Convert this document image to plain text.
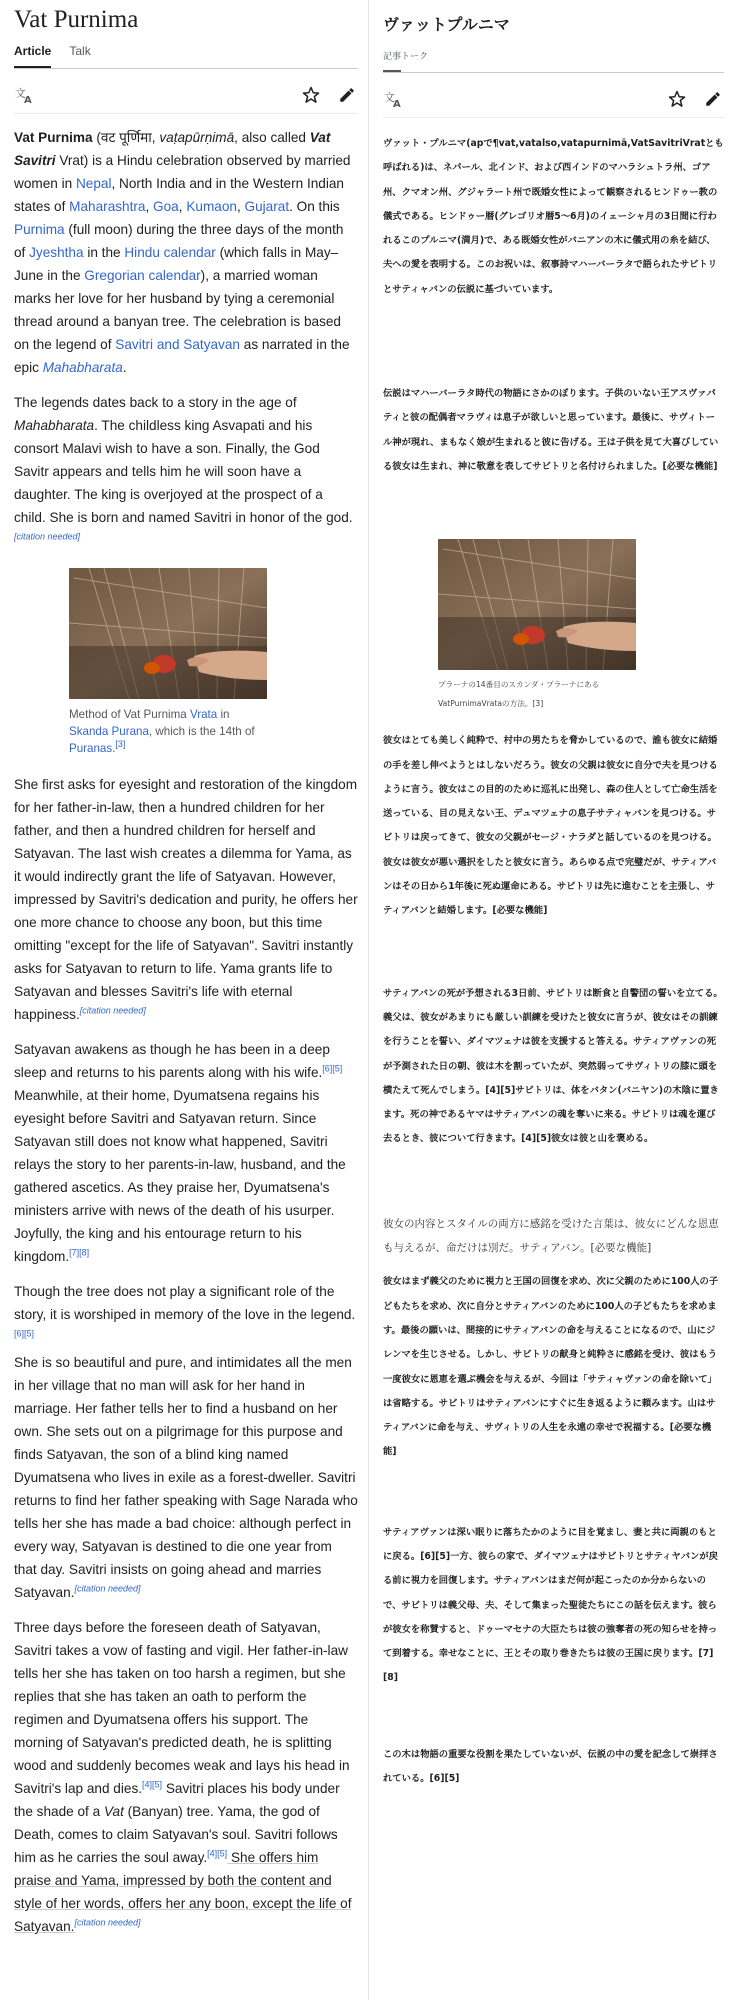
Vat Purnima
Article Talk
文
A

Vat Purnima (वट पूर्णिमा, vaṭapūrṇimā, also called Vat Savitri Vrat) is a Hindu celebration observed by married women in Nepal, North India and in the Western Indian states of Maharashtra, Goa, Kumaon, Gujarat. On this Purnima (full moon) during the three days of the month of Jyeshtha in the Hindu calendar (which falls in May–June in the Gregorian calendar), a married woman marks her love for her husband by tying a ceremonial thread around a banyan tree. The celebration is based on the legend of Savitri and Satyavan as narrated in the epic Mahabharata.

The legends dates back to a story in the age of Mahabharata. The childless king Asvapati and his consort Malavi wish to have a son. Finally, the God Savitr appears and tells him he will soon have a daughter. The king is overjoyed at the prospect of a child. She is born and named Savitri in honor of the god.[citation needed]

Method of Vat Purnima Vrata in Skanda Purana, which is the 14th of Puranas.[3]

She first asks for eyesight and restoration of the kingdom for her father-in-law, then a hundred children for her father, and then a hundred children for herself and Satyavan. The last wish creates a dilemma for Yama, as it would indirectly grant the life of Satyavan. However, impressed by Savitri's dedication and purity, he offers her one more chance to choose any boon, but this time omitting "except for the life of Satyavan". Savitri instantly asks for Satyavan to return to life. Yama grants life to Satyavan and blesses Savitri's life with eternal happiness.[citation needed]

Satyavan awakens as though he has been in a deep sleep and returns to his parents along with his wife.[6][5] Meanwhile, at their home, Dyumatsena regains his eyesight before Savitri and Satyavan return. Since Satyavan still does not know what happened, Savitri relays the story to her parents-in-law, husband, and the gathered ascetics. As they praise her, Dyumatsena's ministers arrive with news of the death of his usurper. Joyfully, the king and his entourage return to his kingdom.[7][8]

Though the tree does not play a significant role of the story, it is worshiped in memory of the love in the legend. [6][5]

She is so beautiful and pure, and intimidates all the men in her village that no man will ask for her hand in marriage. Her father tells her to find a husband on her own. She sets out on a pilgrimage for this purpose and finds Satyavan, the son of a blind king named Dyumatsena who lives in exile as a forest-dweller. Savitri returns to find her father speaking with Sage Narada who tells her she has made a bad choice: although perfect in every way, Satyavan is destined to die one year from that day. Savitri insists on going ahead and marries Satyavan.[citation needed]

Three days before the foreseen death of Satyavan, Savitri takes a vow of fasting and vigil. Her father-in-law tells her she has taken on too harsh a regimen, but she replies that she has taken an oath to perform the regimen and Dyumatsena offers his support. The morning of Satyavan's predicted death, he is splitting wood and suddenly becomes weak and lays his head in Savitri's lap and dies.[4][5] Savitri places his body under the shade of a Vat (Banyan) tree. Yama, the god of Death, comes to claim Satyavan's soul. Savitri follows him as he carries the soul away.[4][5] She offers him praise and Yama, impressed by both the content and style of her words, offers her any boon, except the life of Satyavan.[citation needed]

ヴァットプルニマ
記事 トーク
文
A

ヴァット・プルニマ(apで¶vat,vatalso,vatapurnimā,VatSavitriVratとも呼ばれる)は、ネパール、北インド、および西インドのマハラシュトラ州、ゴア州、クマオン州、グジャラート州で既婚女性によって観察されるヒンドゥー教の儀式である。ヒンドゥー暦(グレゴリオ暦5〜6月)のイェーシャ月の3日間に行われるこのプルニマ(満月)で、ある既婚女性がバニアンの木に儀式用の糸を結び、夫への愛を表明する。このお祝いは、叙事詩マハーバーラタで語られたサビトリとサティャバンの伝説に基づいています。

伝説はマハーバーラタ時代の物語にさかのぼります。子供のいない王アスヴァパティと彼の配偶者マラヴィは息子が欲しいと思っています。最後に、サヴィトール神が現れ、まもなく娘が生まれると彼に告げる。王は子供を見て大喜びしている彼女は生まれ、神に敬意を表してサビトリと名付けられました。[必要な機能]

プラーナの14番目のスカンダ・プラーナにあるVatPurnimaVrataの方法。[3]

彼女はとても美しく純粋で、村中の男たちを脅かしているので、誰も彼女に結婚の手を差し伸べようとはしないだろう。彼女の父親は彼女に自分で夫を見つけるように言う。彼女はこの目的のために巡礼に出発し、森の住人として亡命生活を送っている、目の見えない王、デュマツェナの息子サティャバンを見つける。サビトリは戻ってきて、彼女の父親がセージ・ナラダと話しているのを見つける。彼女は彼女が悪い選択をしたと彼女に言う。あらゆる点で完璧だが、サティアバンはその日から1年後に死ぬ運命にある。サビトリは先に進むことを主張し、サティアバンと結婚します。[必要な機能]

サティアバンの死が予想される3日前、サビトリは断食と自警団の誓いを立てる。義父は、彼女があまりにも厳しい訓練を受けたと彼女に言うが、彼女はその訓練を行うことを誓い、ダイマツェナは彼を支援すると答える。サティアヴァンの死が予測された日の朝、彼は木を割っていたが、突然弱ってサヴィトリの膝に頭を横たえて死んでしまう。[4][5]サビトリは、体をバタン(バニヤン)の木陰に置きます。死の神であるヤマはサティアバンの魂を奪いに来る。サビトリは魂を運び去るとき、彼について行きます。[4][5]彼女は彼と山を褒める。

彼女の内容とスタイルの両方に感銘を受けた言葉は、彼女にどんな恩恵も与えるが、命だけは別だ。サティアバン。[必要な機能]

彼女はまず義父のために視力と王国の回復を求め、次に父親のために100人の子どもたちを求め、次に自分とサティアバンのために100人の子どもたちを求めます。最後の願いは、間接的にサティアバンの命を与えることになるので、山にジレンマを生じさせる。しかし、サビトリの献身と純粋さに感銘を受け、彼はもう一度彼女に恩恵を選ぶ機会を与えるが、今回は「サティャヴァンの命を除いて」は省略する。サビトリはサティアバンにすぐに生き返るように頼みます。山はサティアバンに命を与え、サヴィトリの人生を永遠の幸せで祝福する。[必要な機能]

サティアヴァンは深い眠りに落ちたかのように目を覚まし、妻と共に両親のもとに戻る。[6][5]一方、彼らの家で、ダイマツェナはサビトリとサティヤバンが戻る前に視力を回復します。サティアバンはまだ何が起こったのか分からないので、サビトリは義父母、夫、そして集まった聖徒たちにこの話を伝えます。彼らが彼女を称賛すると、ドゥーマセナの大臣たちは彼の強奪者の死の知らせを持って到着する。幸せなことに、王とその取り巻きたちは彼の王国に戻ります。[7][8]

この木は物語の重要な役割を果たしていないが、伝説の中の愛を記念して崇拝されている。[6][5]
